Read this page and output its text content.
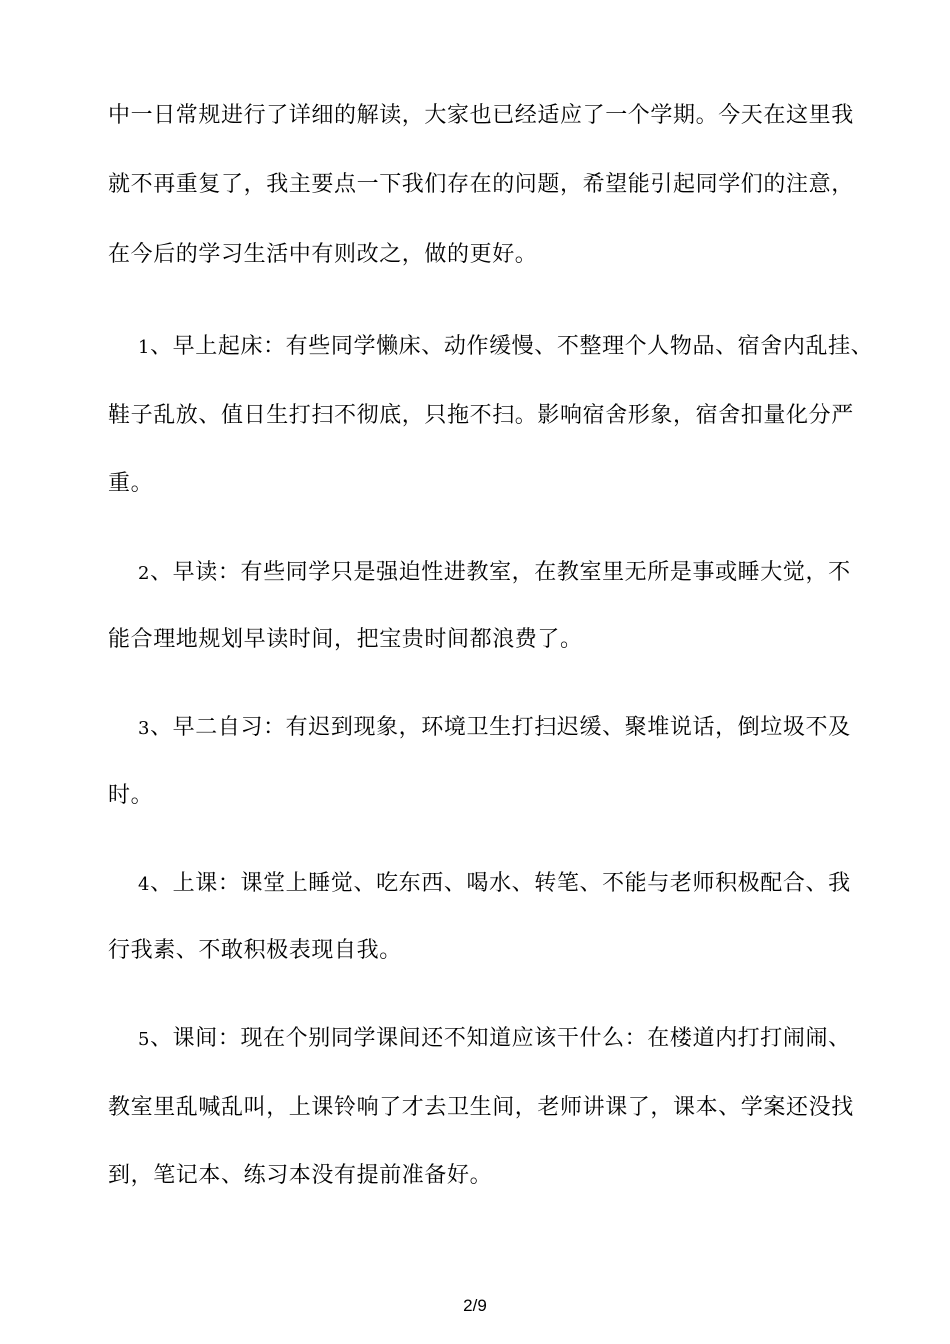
中一日常规进行了详细的解读，大家也已经适应了一个学期。今天在这里我
就不再重复了，我主要点一下我们存在的问题，希望能引起同学们的注意，
在今后的学习生活中有则改之，做的更好。
1、早上起床：有些同学懒床、动作缓慢、不整理个人物品、宿舍内乱挂、
鞋子乱放、值日生打扫不彻底，只拖不扫。影响宿舍形象，宿舍扣量化分严
重。
2、早读：有些同学只是强迫性进教室，在教室里无所是事或睡大觉，不
能合理地规划早读时间，把宝贵时间都浪费了。
3、早二自习：有迟到现象，环境卫生打扫迟缓、聚堆说话，倒垃圾不及
时。
4、上课：课堂上睡觉、吃东西、喝水、转笔、不能与老师积极配合、我
行我素、不敢积极表现自我。
5、课间：现在个别同学课间还不知道应该干什么：在楼道内打打闹闹、
教室里乱喊乱叫，上课铃响了才去卫生间，老师讲课了，课本、学案还没找
到，笔记本、练习本没有提前准备好。
2/9
